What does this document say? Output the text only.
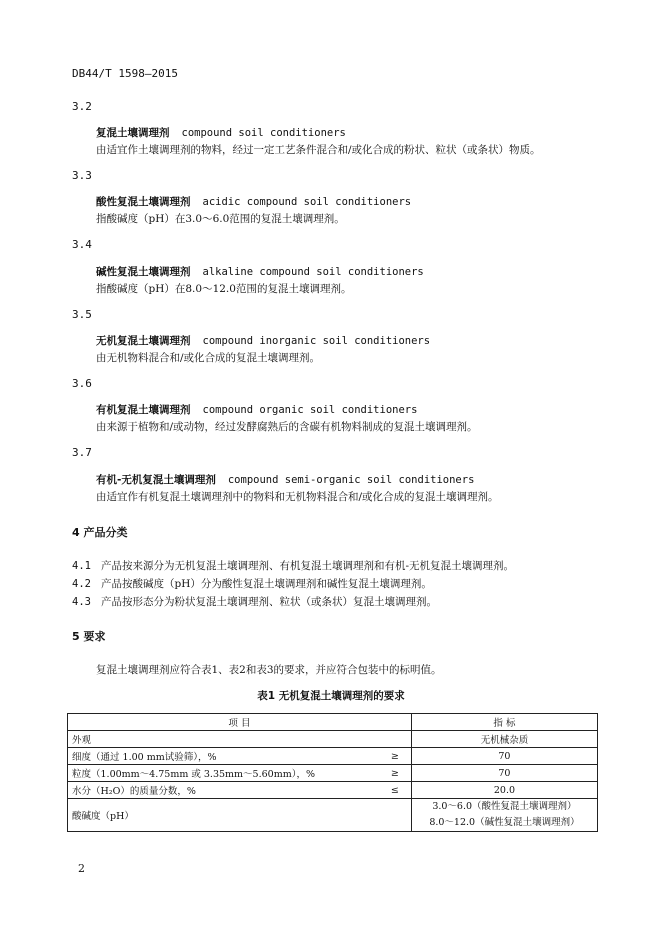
DB44/T 1598—2015
3.2
复混土壤调理剂 compound soil conditioners
由适宜作土壤调理剂的物料，经过一定工艺条件混合和/或化合成的粉状、粒状（或条状）物质。
3.3
酸性复混土壤调理剂 acidic compound soil conditioners
指酸碱度（pH）在3.0～6.0范围的复混土壤调理剂。
3.4
碱性复混土壤调理剂 alkaline compound soil conditioners
指酸碱度（pH）在8.0～12.0范围的复混土壤调理剂。
3.5
无机复混土壤调理剂 compound inorganic soil conditioners
由无机物料混合和/或化合成的复混土壤调理剂。
3.6
有机复混土壤调理剂 compound organic soil conditioners
由来源于植物和/或动物，经过发酵腐熟后的含碳有机物料制成的复混土壤调理剂。
3.7
有机-无机复混土壤调理剂 compound semi-organic soil conditioners
由适宜作有机复混土壤调理剂中的物料和无机物料混合和/或化合成的复混土壤调理剂。
4 产品分类
4.1 产品按来源分为无机复混土壤调理剂、有机复混土壤调理剂和有机-无机复混土壤调理剂。
4.2 产品按酸碱度（pH）分为酸性复混土壤调理剂和碱性复混土壤调理剂。
4.3 产品按形态分为粉状复混土壤调理剂、粒状（或条状）复混土壤调理剂。
5 要求
复混土壤调理剂应符合表1、表2和表3的要求，并应符合包装中的标明值。
表1 无机复混土壤调理剂的要求
项 目		指 标
外观		无机械杂质
细度（通过 1.00 mm试验筛），%	≥	70
粒度（1.00mm～4.75mm 或 3.35mm～5.60mm），%	≥	70
水分（H₂O）的质量分数，%	≤	20.0
酸碱度（pH）		3.0～6.0（酸性复混土壤调理剂）
8.0～12.0（碱性复混土壤调理剂）
2
